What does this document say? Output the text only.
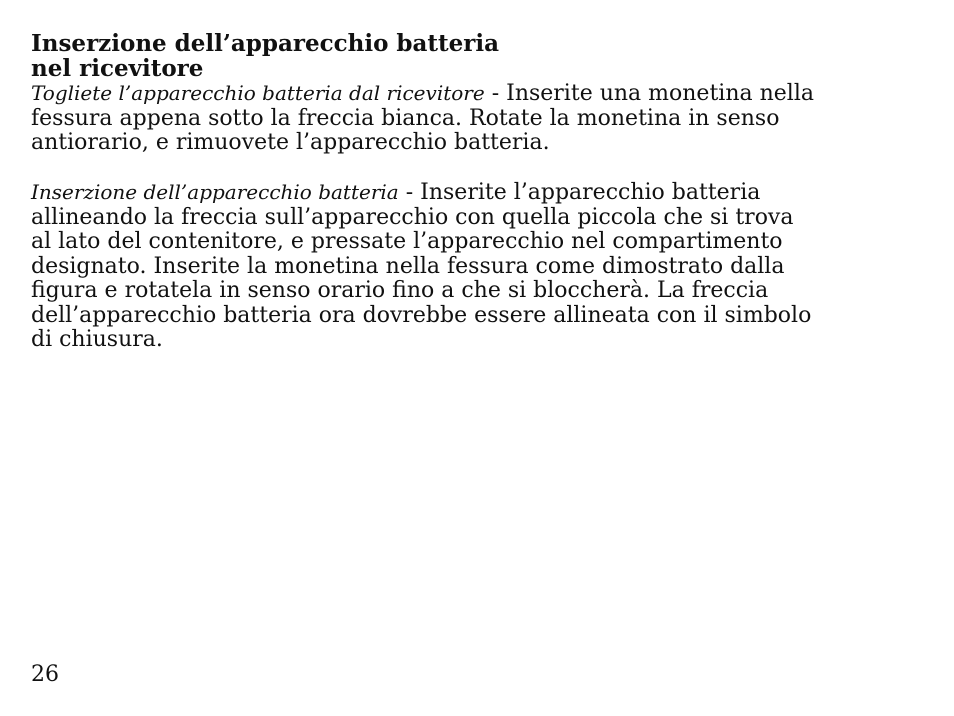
Inserzione dell’apparecchio batteria
nel ricevitore
Togliete l’apparecchio batteria dal ricevitore - Inserite una monetina nella
fessura appena sotto la freccia bianca. Rotate la monetina in senso
antiorario, e rimuovete l’apparecchio batteria.
Inserzione dell’apparecchio batteria - Inserite l’apparecchio batteria
allineando la freccia sull’apparecchio con quella piccola che si trova
al lato del contenitore, e pressate l’apparecchio nel compartimento
designato. Inserite la monetina nella fessura come dimostrato dalla
figura e rotatela in senso orario fino a che si bloccherà. La freccia
dell’apparecchio batteria ora dovrebbe essere allineata con il simbolo
di chiusura.
26
